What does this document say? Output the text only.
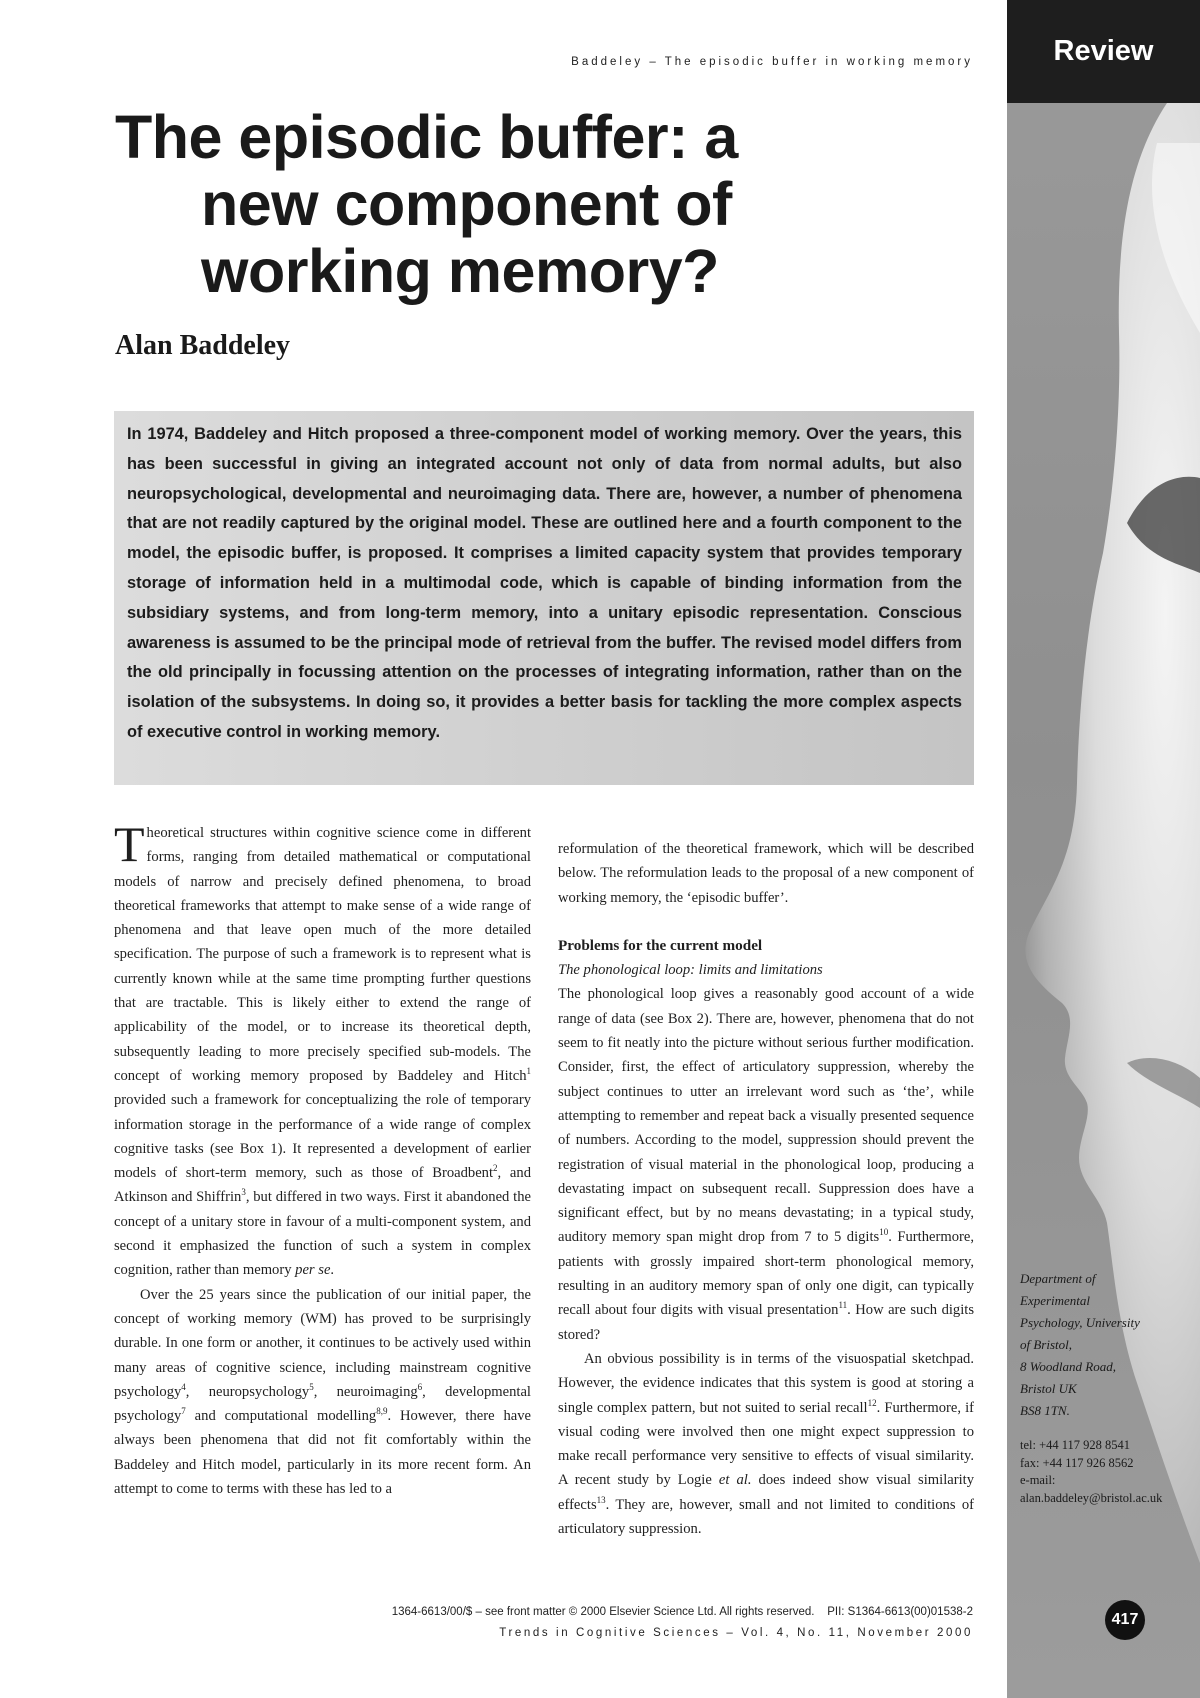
Review
Baddeley – The episodic buffer in working memory
The episodic buffer: a
new component of
working memory?
Alan Baddeley
In 1974, Baddeley and Hitch proposed a three-component model of working memory. Over the years, this has been successful in giving an integrated account not only of data from normal adults, but also neuropsychological, developmental and neuroimaging data. There are, however, a number of phenomena that are not readily captured by the original model. These are outlined here and a fourth component to the model, the episodic buffer, is proposed. It comprises a limited capacity system that provides temporary storage of information held in a multimodal code, which is capable of binding information from the subsidiary systems, and from long-term memory, into a unitary episodic representation. Conscious awareness is assumed to be the principal mode of retrieval from the buffer. The revised model differs from the old principally in focussing attention on the processes of integrating information, rather than on the isolation of the subsystems. In doing so, it provides a better basis for tackling the more complex aspects of executive control in working memory.

Theoretical structures within cognitive science come in different forms, ranging from detailed mathematical or computational models of narrow and precisely defined phenomena, to broad theoretical frameworks that attempt to make sense of a wide range of phenomena and that leave open much of the more detailed specification. The purpose of such a framework is to represent what is currently known while at the same time prompting further questions that are tractable. This is likely either to extend the range of applicability of the model, or to increase its theoretical depth, subsequently leading to more precisely specified sub-models. The concept of working memory proposed by Baddeley and Hitch$^1$ provided such a framework for conceptualizing the role of temporary information storage in the performance of a wide range of complex cognitive tasks (see Box 1). It represented a development of earlier models of short-term memory, such as those of Broadbent$^2$, and Atkinson and Shiffrin$^3$, but differed in two ways. First it abandoned the concept of a unitary store in favour of a multi-component system, and second it emphasized the function of such a system in complex cognition, rather than memory per se.

Over the 25 years since the publication of our initial paper, the concept of working memory (WM) has proved to be surprisingly durable. In one form or another, it continues to be actively used within many areas of cognitive science, including mainstream cognitive psychology$^4$, neuropsychology$^5$, neuroimaging$^6$, developmental psychology$^7$ and computational modelling$^{8,9}$. However, there have always been phenomena that did not fit comfortably within the Baddeley and Hitch model, particularly in its more recent form. An attempt to come to terms with these has led to a

reformulation of the theoretical framework, which will be described below. The reformulation leads to the proposal of a new component of working memory, the ‘episodic buffer’.

Problems for the current model

The phonological loop: limits and limitations

The phonological loop gives a reasonably good account of a wide range of data (see Box 2). There are, however, phenomena that do not seem to fit neatly into the picture without serious further modification. Consider, first, the effect of articulatory suppression, whereby the subject continues to utter an irrelevant word such as ‘the’, while attempting to remember and repeat back a visually presented sequence of numbers. According to the model, suppression should prevent the registration of visual material in the phonological loop, producing a devastating impact on subsequent recall. Suppression does have a significant effect, but by no means devastating; in a typical study, auditory memory span might drop from 7 to 5 digits$^{10}$. Furthermore, patients with grossly impaired short-term phonological memory, resulting in an auditory memory span of only one digit, can typically recall about four digits with visual presentation$^{11}$. How are such digits stored?

An obvious possibility is in terms of the visuospatial sketchpad. However, the evidence indicates that this system is good at storing a single complex pattern, but not suited to serial recall$^{12}$. Furthermore, if visual coding were involved then one might expect suppression to make recall performance very sensitive to effects of visual similarity. A recent study by Logie et al. does indeed show visual similarity effects$^{13}$. They are, however, small and not limited to conditions of articulatory suppression.

Department of
Experimental
Psychology, University
of Bristol,
8 Woodland Road,
Bristol UK
BS8 1TN.
tel: +44 117 928 8541
fax: +44 117 926 8562
e-mail:
alan.baddeley@bristol.ac.uk
417
1364-6613/00/$ – see front matter © 2000 Elsevier Science Ltd. All rights reserved. PII: S1364-6613(00)01538-2
Trends in Cognitive Sciences – Vol. 4, No. 11, November 2000
